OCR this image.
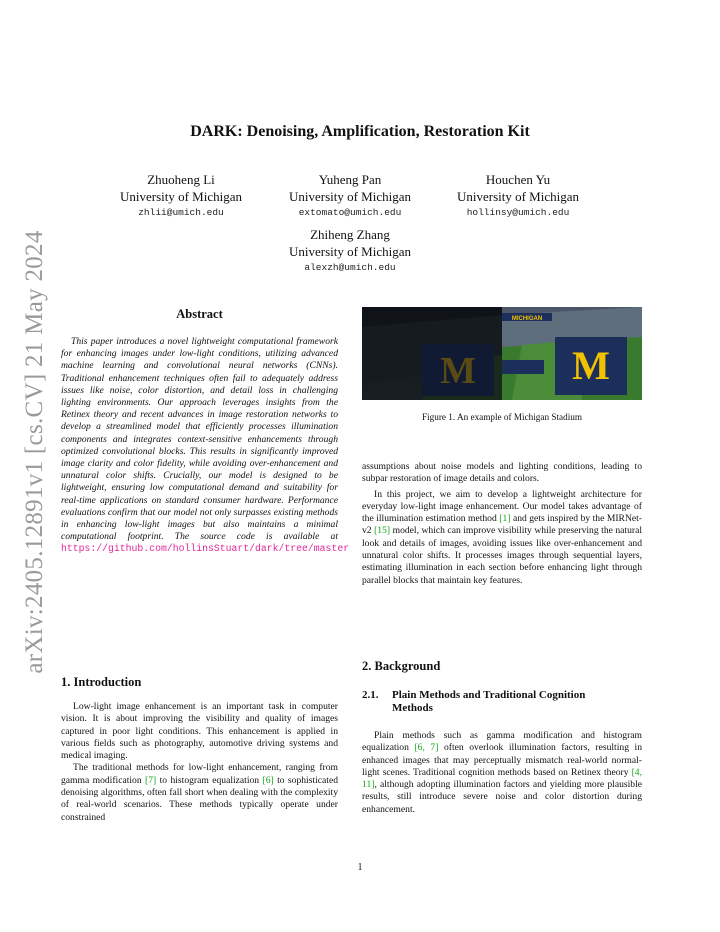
arXiv:2405.12891v1 [cs.CV] 21 May 2024
DARK: Denoising, Amplification, Restoration Kit
Zhuoheng Li
University of Michigan
zhlii@umich.edu
Yuheng Pan
University of Michigan
extomato@umich.edu
Houchen Yu
University of Michigan
hollinsy@umich.edu
Zhiheng Zhang
University of Michigan
alexzh@umich.edu
Abstract
This paper introduces a novel lightweight computational framework for enhancing images under low-light conditions, utilizing advanced machine learning and convolutional neural networks (CNNs). Traditional enhancement techniques often fail to adequately address issues like noise, color distortion, and detail loss in challenging lighting environments. Our approach leverages insights from the Retinex theory and recent advances in image restoration networks to develop a streamlined model that efficiently processes illumination components and integrates context-sensitive enhancements through optimized convolutional blocks. This results in significantly improved image clarity and color fidelity, while avoiding over-enhancement and unnatural color shifts. Crucially, our model is designed to be lightweight, ensuring low computational demand and suitability for real-time applications on standard consumer hardware. Performance evaluations confirm that our model not only surpasses existing methods in enhancing low-light images but also maintains a minimal computational footprint. The source code is available at https://github.com/hollinsStuart/dark/tree/master
1. Introduction

Low-light image enhancement is an important task in computer vision. It is about improving the visibility and quality of images captured in poor light conditions. This enhancement is applied in various fields such as photography, automotive driving systems and medical imaging.

The traditional methods for low-light enhancement, ranging from gamma modification [7] to histogram equalization [6] to sophisticated denoising algorithms, often fall short when dealing with the complexity of real-world scenarios. These methods typically operate under constrained

M
MICHIGAN
M
Figure 1. An example of Michigan Stadium

assumptions about noise models and lighting conditions, leading to subpar restoration of image details and colors.

In this project, we aim to develop a lightweight architecture for everyday low-light image enhancement. Our model takes advantage of the illumination estimation method [1] and gets inspired by the MIRNet-v2 [15] model, which can improve visibility while preserving the natural look and details of images, avoiding issues like over-enhancement and unnatural color shifts. It processes images through sequential layers, estimating illumination in each section before enhancing light through parallel blocks that maintain key features.

2. Background
2.1.	Plain Methods and Traditional Cognition
Methods

Plain methods such as gamma modification and histogram equalization [6, 7] often overlook illumination factors, resulting in enhanced images that may perceptually mismatch real-world normal-light scenes. Traditional cognition methods based on Retinex theory [4, 11], although adopting illumination factors and yielding more plausible results, still introduce severe noise and color distortion during enhancement.

1
